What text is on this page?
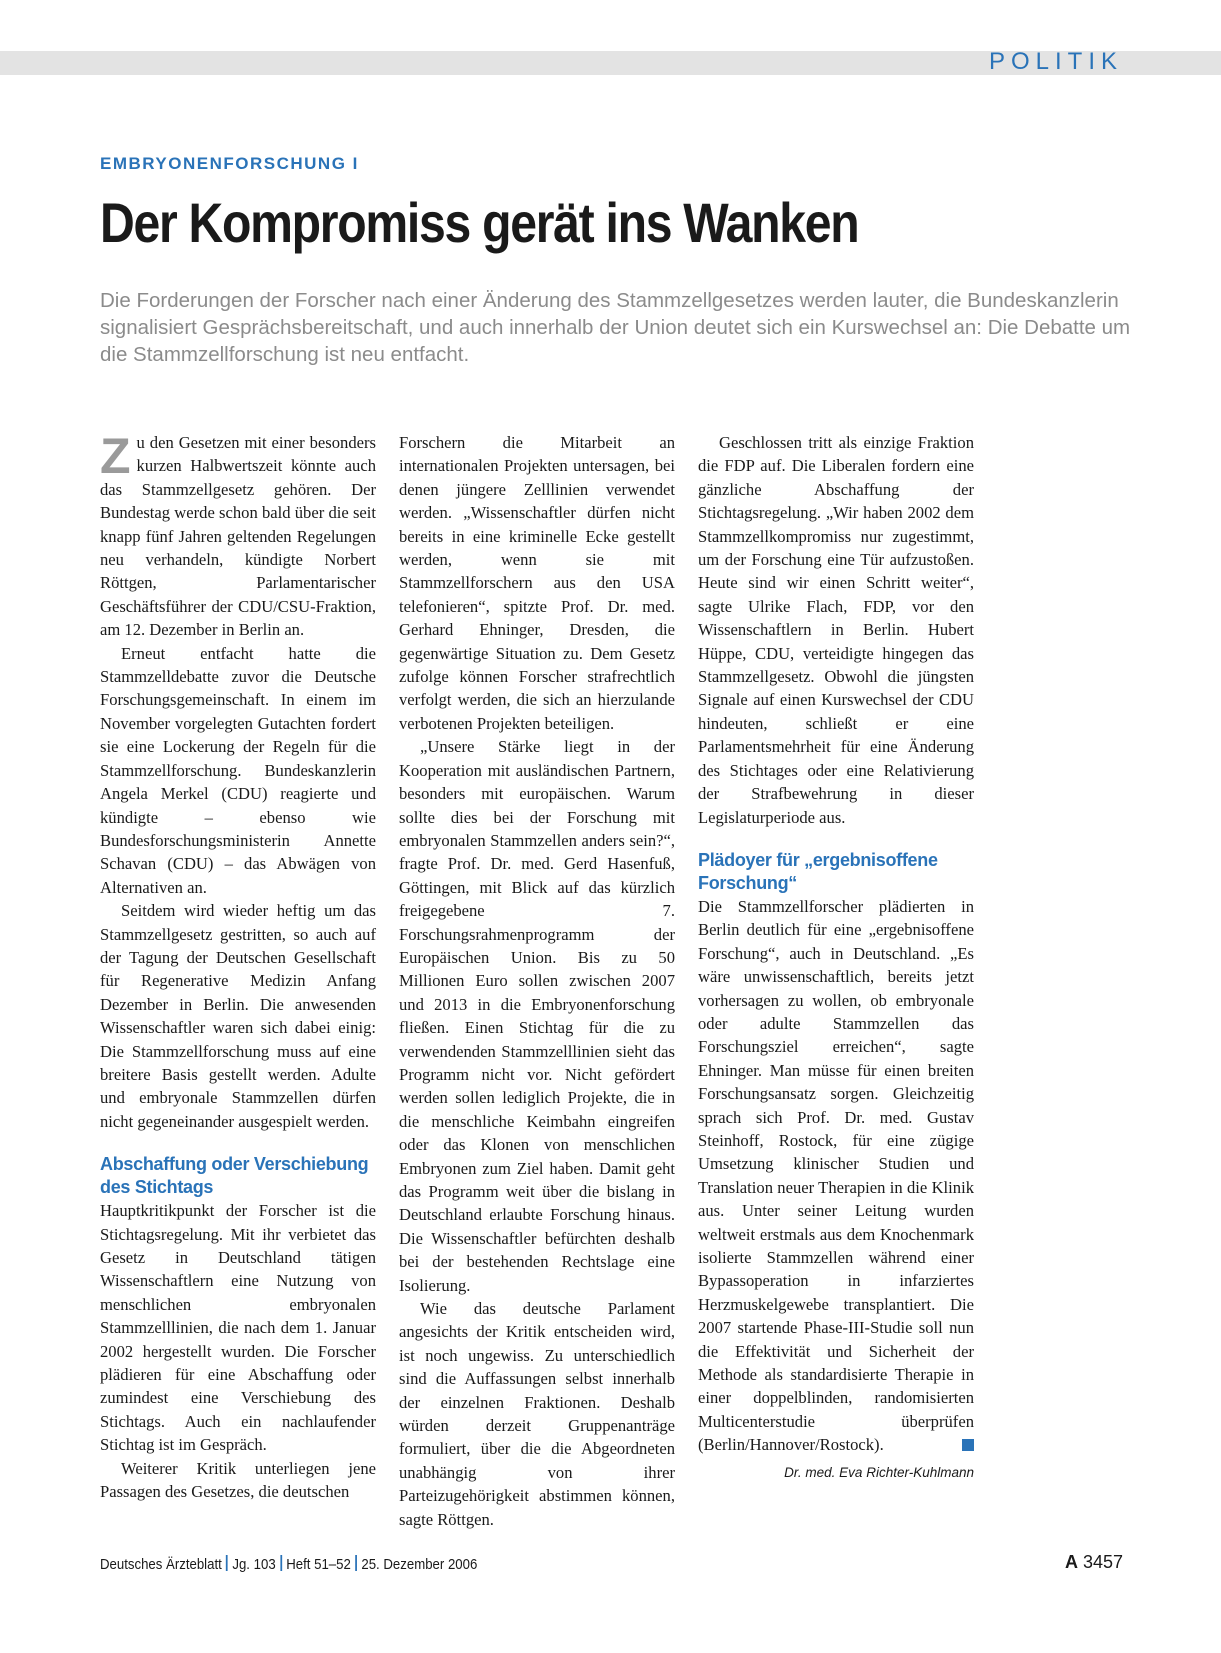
POLITIK
EMBRYONENFORSCHUNG I
Der Kompromiss gerät ins Wanken

Die Forderungen der Forscher nach einer Änderung des Stammzellgesetzes werden lauter, die Bundeskanzlerin signalisiert Gesprächsbereitschaft, und auch innerhalb der Union deutet sich ein Kurswechsel an: Die Debatte um die Stammzellforschung ist neu entfacht.

Zu den Gesetzen mit einer besonders kurzen Halbwertszeit könnte auch das Stammzellgesetz gehören. Der Bundestag werde schon bald über die seit knapp fünf Jahren geltenden Regelungen neu verhandeln, kündigte Norbert Röttgen, Parlamentarischer Geschäftsführer der CDU/CSU-Fraktion, am 12. Dezember in Berlin an.

Erneut entfacht hatte die Stammzelldebatte zuvor die Deutsche Forschungsgemeinschaft. In einem im November vorgelegten Gutachten fordert sie eine Lockerung der Regeln für die Stammzellforschung. Bundeskanzlerin Angela Merkel (CDU) reagierte und kündigte – ebenso wie Bundesforschungsministerin Annette Schavan (CDU) – das Abwägen von Alternativen an.

Seitdem wird wieder heftig um das Stammzellgesetz gestritten, so auch auf der Tagung der Deutschen Gesellschaft für Regenerative Medizin Anfang Dezember in Berlin. Die anwesenden Wissenschaftler waren sich dabei einig: Die Stammzellforschung muss auf eine breitere Basis gestellt werden. Adulte und embryonale Stammzellen dürfen nicht gegeneinander ausgespielt werden.

Abschaffung oder Verschiebung des Stichtags

Hauptkritikpunkt der Forscher ist die Stichtagsregelung. Mit ihr verbietet das Gesetz in Deutschland tätigen Wissenschaftlern eine Nutzung von menschlichen embryonalen Stammzelllinien, die nach dem 1. Januar 2002 hergestellt wurden. Die Forscher plädieren für eine Abschaffung oder zumindest eine Verschiebung des Stichtags. Auch ein nachlaufender Stichtag ist im Gespräch.

Weiterer Kritik unterliegen jene Passagen des Gesetzes, die deutschen

Forschern die Mitarbeit an internationalen Projekten untersagen, bei denen jüngere Zelllinien verwendet werden. „Wissenschaftler dürfen nicht bereits in eine kriminelle Ecke gestellt werden, wenn sie mit Stammzellforschern aus den USA telefonieren“, spitzte Prof. Dr. med. Gerhard Ehninger, Dresden, die gegenwärtige Situation zu. Dem Gesetz zufolge können Forscher strafrechtlich verfolgt werden, die sich an hierzulande verbotenen Projekten beteiligen.

„Unsere Stärke liegt in der Kooperation mit ausländischen Partnern, besonders mit europäischen. Warum sollte dies bei der Forschung mit embryonalen Stammzellen anders sein?“, fragte Prof. Dr. med. Gerd Hasenfuß, Göttingen, mit Blick auf das kürzlich freigegebene 7. Forschungsrahmenprogramm der Europäischen Union. Bis zu 50 Millionen Euro sollen zwischen 2007 und 2013 in die Embryonenforschung fließen. Einen Stichtag für die zu verwendenden Stammzelllinien sieht das Programm nicht vor. Nicht gefördert werden sollen lediglich Projekte, die in die menschliche Keimbahn eingreifen oder das Klonen von menschlichen Embryonen zum Ziel haben. Damit geht das Programm weit über die bislang in Deutschland erlaubte Forschung hinaus. Die Wissenschaftler befürchten deshalb bei der bestehenden Rechtslage eine Isolierung.

Wie das deutsche Parlament angesichts der Kritik entscheiden wird, ist noch ungewiss. Zu unterschiedlich sind die Auffassungen selbst innerhalb der einzelnen Fraktionen. Deshalb würden derzeit Gruppenanträge formuliert, über die die Abgeordneten unabhängig von ihrer Parteizugehörigkeit abstimmen können, sagte Röttgen.

Geschlossen tritt als einzige Fraktion die FDP auf. Die Liberalen fordern eine gänzliche Abschaffung der Stichtagsregelung. „Wir haben 2002 dem Stammzellkompromiss nur zugestimmt, um der Forschung eine Tür aufzustoßen. Heute sind wir einen Schritt weiter“, sagte Ulrike Flach, FDP, vor den Wissenschaftlern in Berlin. Hubert Hüppe, CDU, verteidigte hingegen das Stammzellgesetz. Obwohl die jüngsten Signale auf einen Kurswechsel der CDU hindeuten, schließt er eine Parlamentsmehrheit für eine Änderung des Stichtages oder eine Relativierung der Strafbewehrung in dieser Legislaturperiode aus.

Plädoyer für „ergebnisoffene Forschung“

Die Stammzellforscher plädierten in Berlin deutlich für eine „ergebnisoffene Forschung“, auch in Deutschland. „Es wäre unwissenschaftlich, bereits jetzt vorhersagen zu wollen, ob embryonale oder adulte Stammzellen das Forschungsziel erreichen“, sagte Ehninger. Man müsse für einen breiten Forschungsansatz sorgen. Gleichzeitig sprach sich Prof. Dr. med. Gustav Steinhoff, Rostock, für eine zügige Umsetzung klinischer Studien und Translation neuer Therapien in die Klinik aus. Unter seiner Leitung wurden weltweit erstmals aus dem Knochenmark isolierte Stammzellen während einer Bypassoperation in infarziertes Herzmuskelgewebe transplantiert. Die 2007 startende Phase-III-Studie soll nun die Effektivität und Sicherheit der Methode als standardisierte Therapie in einer doppelblinden, randomisierten Multicenterstudie überprüfen (Berlin/Hannover/Rostock).

Dr. med. Eva Richter-Kuhlmann
Deutsches Ärzteblatt Jg. 103 Heft 51–52 25. Dezember 2006	A 3457
